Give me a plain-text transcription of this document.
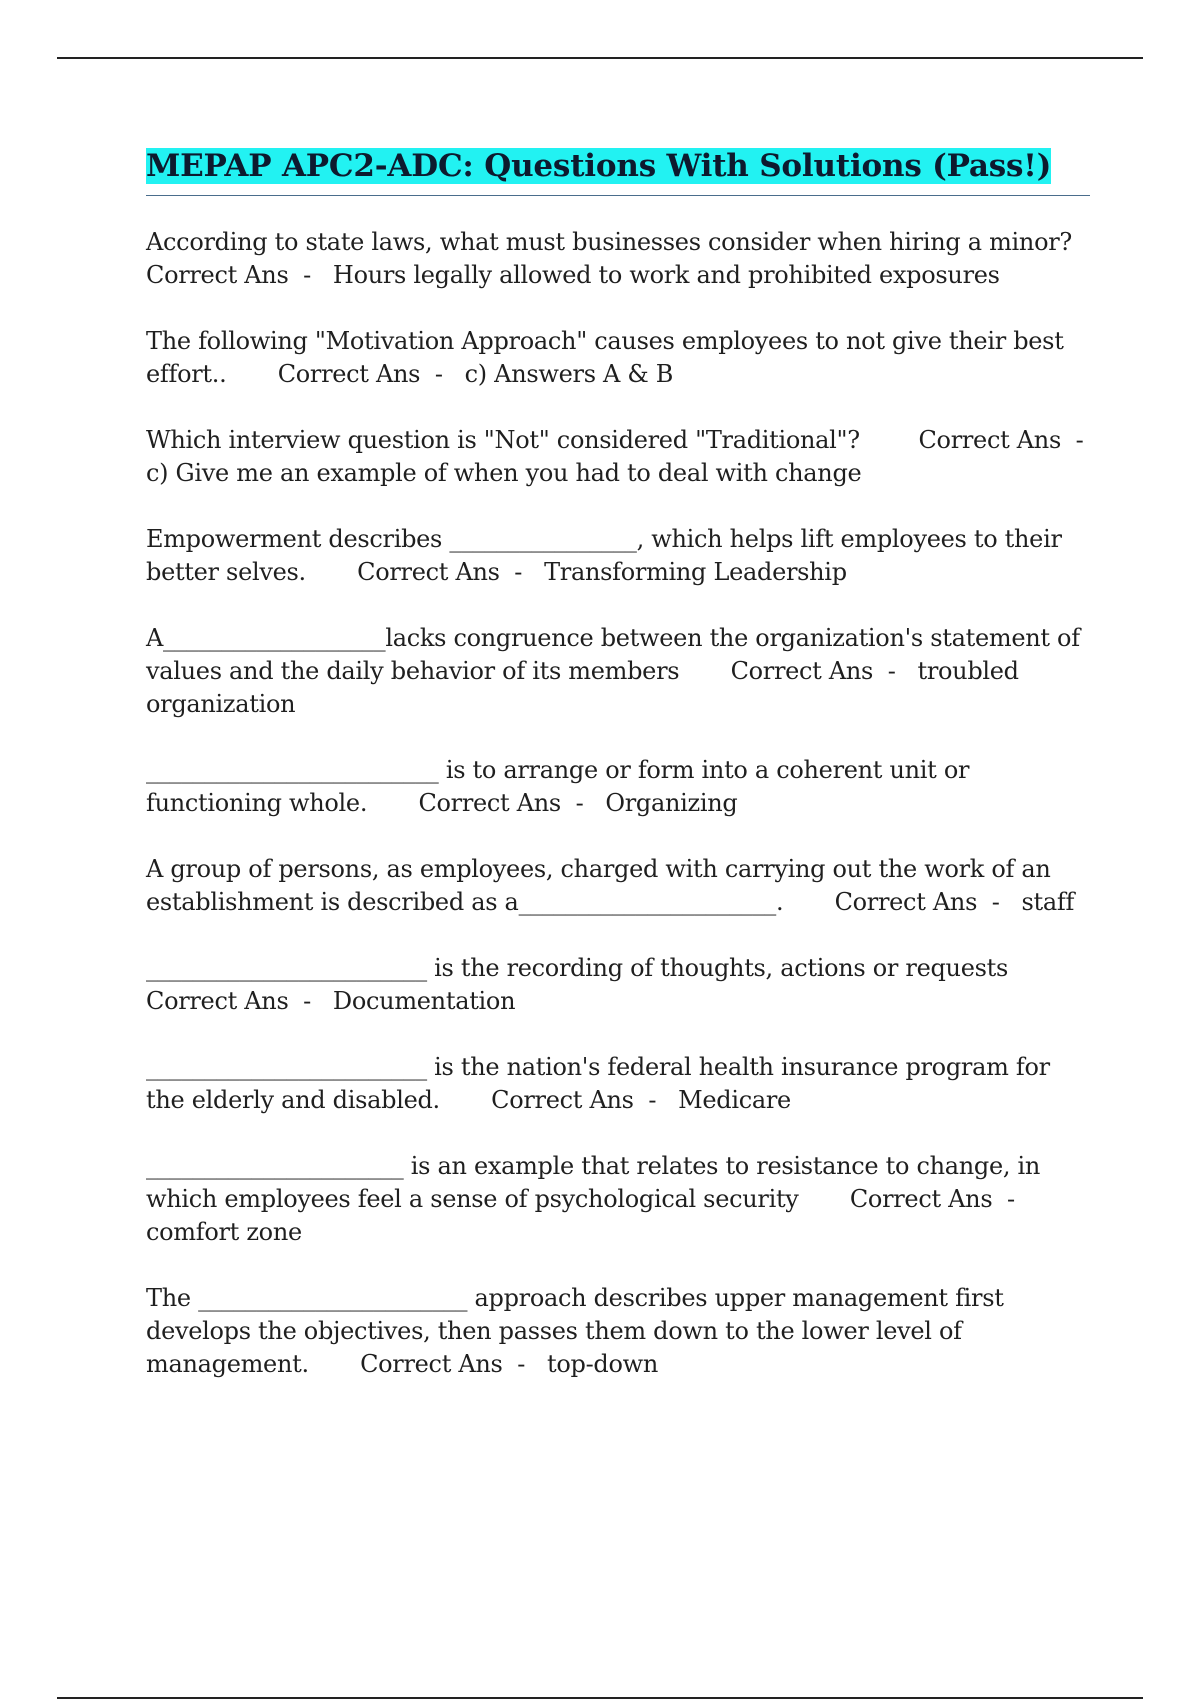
MEPAP APC2-ADC: Questions With Solutions (Pass!)

According to state laws, what must businesses consider when hiring a minor?
Correct Ans  -   Hours legally allowed to work and prohibited exposures

The following "Motivation Approach" causes employees to not give their best effort..       Correct Ans  -   c) Answers A & B

Which interview question is "Not" considered "Traditional"?        Correct Ans  -   c) Give me an example of when you had to deal with change

Empowerment describes ________________, which helps lift employees to their better selves.       Correct Ans  -   Transforming Leadership

A___________________lacks congruence between the organization's statement of values and the daily behavior of its members       Correct Ans  -   troubled organization

_________________________ is to arrange or form into a coherent unit or functioning whole.       Correct Ans  -   Organizing

A group of persons, as employees, charged with carrying out the work of an establishment is described as a______________________.       Correct Ans  -   staff

________________________ is the recording of thoughts, actions or requests
Correct Ans  -   Documentation

________________________ is the nation's federal health insurance program for the elderly and disabled.       Correct Ans  -   Medicare

______________________ is an example that relates to resistance to change, in which employees feel a sense of psychological security       Correct Ans  -   comfort zone

The _______________________ approach describes upper management first develops the objectives, then passes them down to the lower level of management.       Correct Ans  -   top-down
